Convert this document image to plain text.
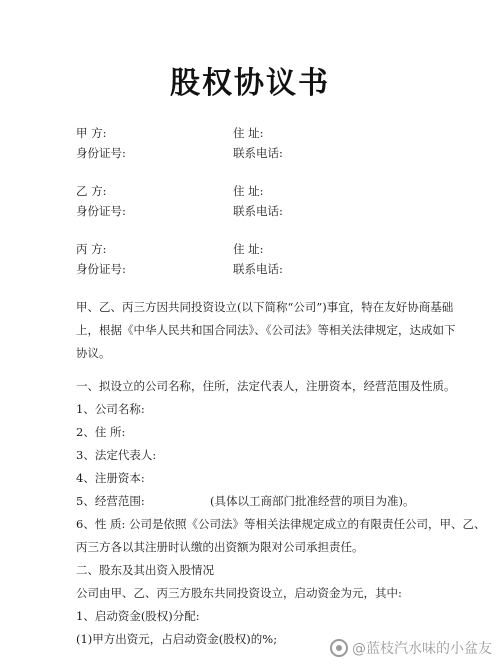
股权协议书
甲 方:	住 址:
身份证号:	联系电话:
乙 方:	住 址:
身份证号:	联系电话:
丙 方:	住 址:
身份证号:	联系电话:
甲、乙、丙三方因共同投资设立(以下简称“公司”)事宜，特在友好协商基础
上，根据《中华人民共和国合同法》、《公司法》等相关法律规定，达成如下
协议。
一、拟设立的公司名称，住所，法定代表人，注册资本，经营范围及性质。
1、公司名称:
2、住 所:
3、法定代表人:
4、注册资本:
5、经营范围:	(具体以工商部门批准经营的项目为准)。
6、性 质: 公司是依照《公司法》等相关法律规定成立的有限责任公司，甲、乙、
丙三方各以其注册时认缴的出资额为限对公司承担责任。
二、股东及其出资入股情况
公司由甲、乙、丙三方股东共同投资设立，启动资金为元，其中:
1、启动资金(股权)分配:
(1)甲方出资元，占启动资金(股权)的%;
@蓝枝汽水味的小盆友
